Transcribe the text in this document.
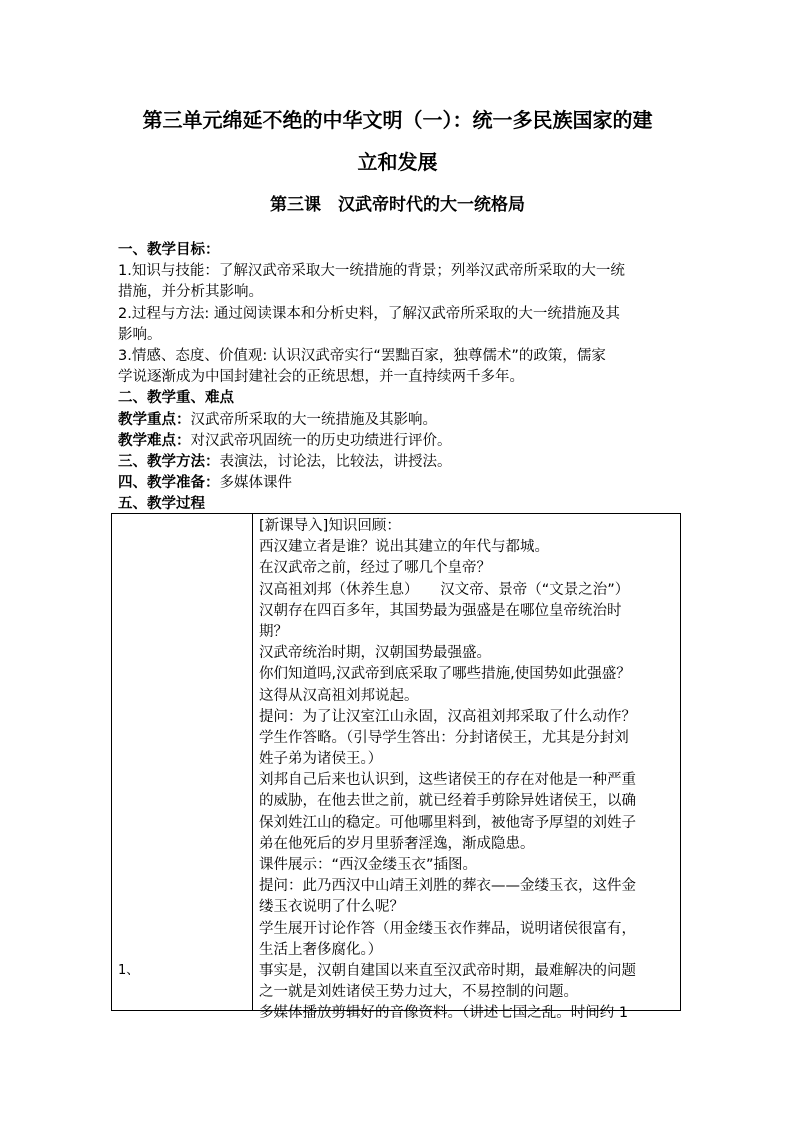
第三单元绵延不绝的中华文明（一）：统一多民族国家的建
立和发展
第三课　汉武帝时代的大一统格局
一、教学目标：
1.知识与技能：了解汉武帝采取大一统措施的背景；列举汉武帝所采取的大一统
措施，并分析其影响。
2.过程与方法: 通过阅读课本和分析史料，了解汉武帝所采取的大一统措施及其
影响。
3.情感、态度、价值观: 认识汉武帝实行“罢黜百家，独尊儒术”的政策，儒家
学说逐渐成为中国封建社会的正统思想，并一直持续两千多年。
二、教学重、难点
教学重点：汉武帝所采取的大一统措施及其影响。
教学难点：对汉武帝巩固统一的历史功绩进行评价。
三、教学方法：表演法，讨论法，比较法，讲授法。
四、教学准备：多媒体课件
五、教学过程
1、
[新课导入]知识回顾：
西汉建立者是谁？说出其建立的年代与都城。
在汉武帝之前，经过了哪几个皇帝？
汉高祖刘邦（休养生息）　　汉文帝、景帝（“文景之治”）
汉朝存在四百多年，其国势最为强盛是在哪位皇帝统治时
期？
汉武帝统治时期，汉朝国势最强盛。
你们知道吗,汉武帝到底采取了哪些措施,使国势如此强盛？
这得从汉高祖刘邦说起。
提问：为了让汉室江山永固，汉高祖刘邦采取了什么动作？
学生作答略。（引导学生答出：分封诸侯王，尤其是分封刘
姓子弟为诸侯王。）
刘邦自己后来也认识到，这些诸侯王的存在对他是一种严重
的威胁，在他去世之前，就已经着手剪除异姓诸侯王，以确
保刘姓江山的稳定。可他哪里料到，被他寄予厚望的刘姓子
弟在他死后的岁月里骄奢淫逸，渐成隐患。
课件展示：“西汉金缕玉衣”插图。
提问：此乃西汉中山靖王刘胜的葬衣——金缕玉衣，这件金
缕玉衣说明了什么呢？
学生展开讨论作答（用金缕玉衣作葬品，说明诸侯很富有，
生活上奢侈腐化。）
事实是，汉朝自建国以来直至汉武帝时期，最难解决的问题
之一就是刘姓诸侯王势力过大，不易控制的问题。
多媒体播放剪辑好的音像资料。（讲述七国之乱。时间约 1
